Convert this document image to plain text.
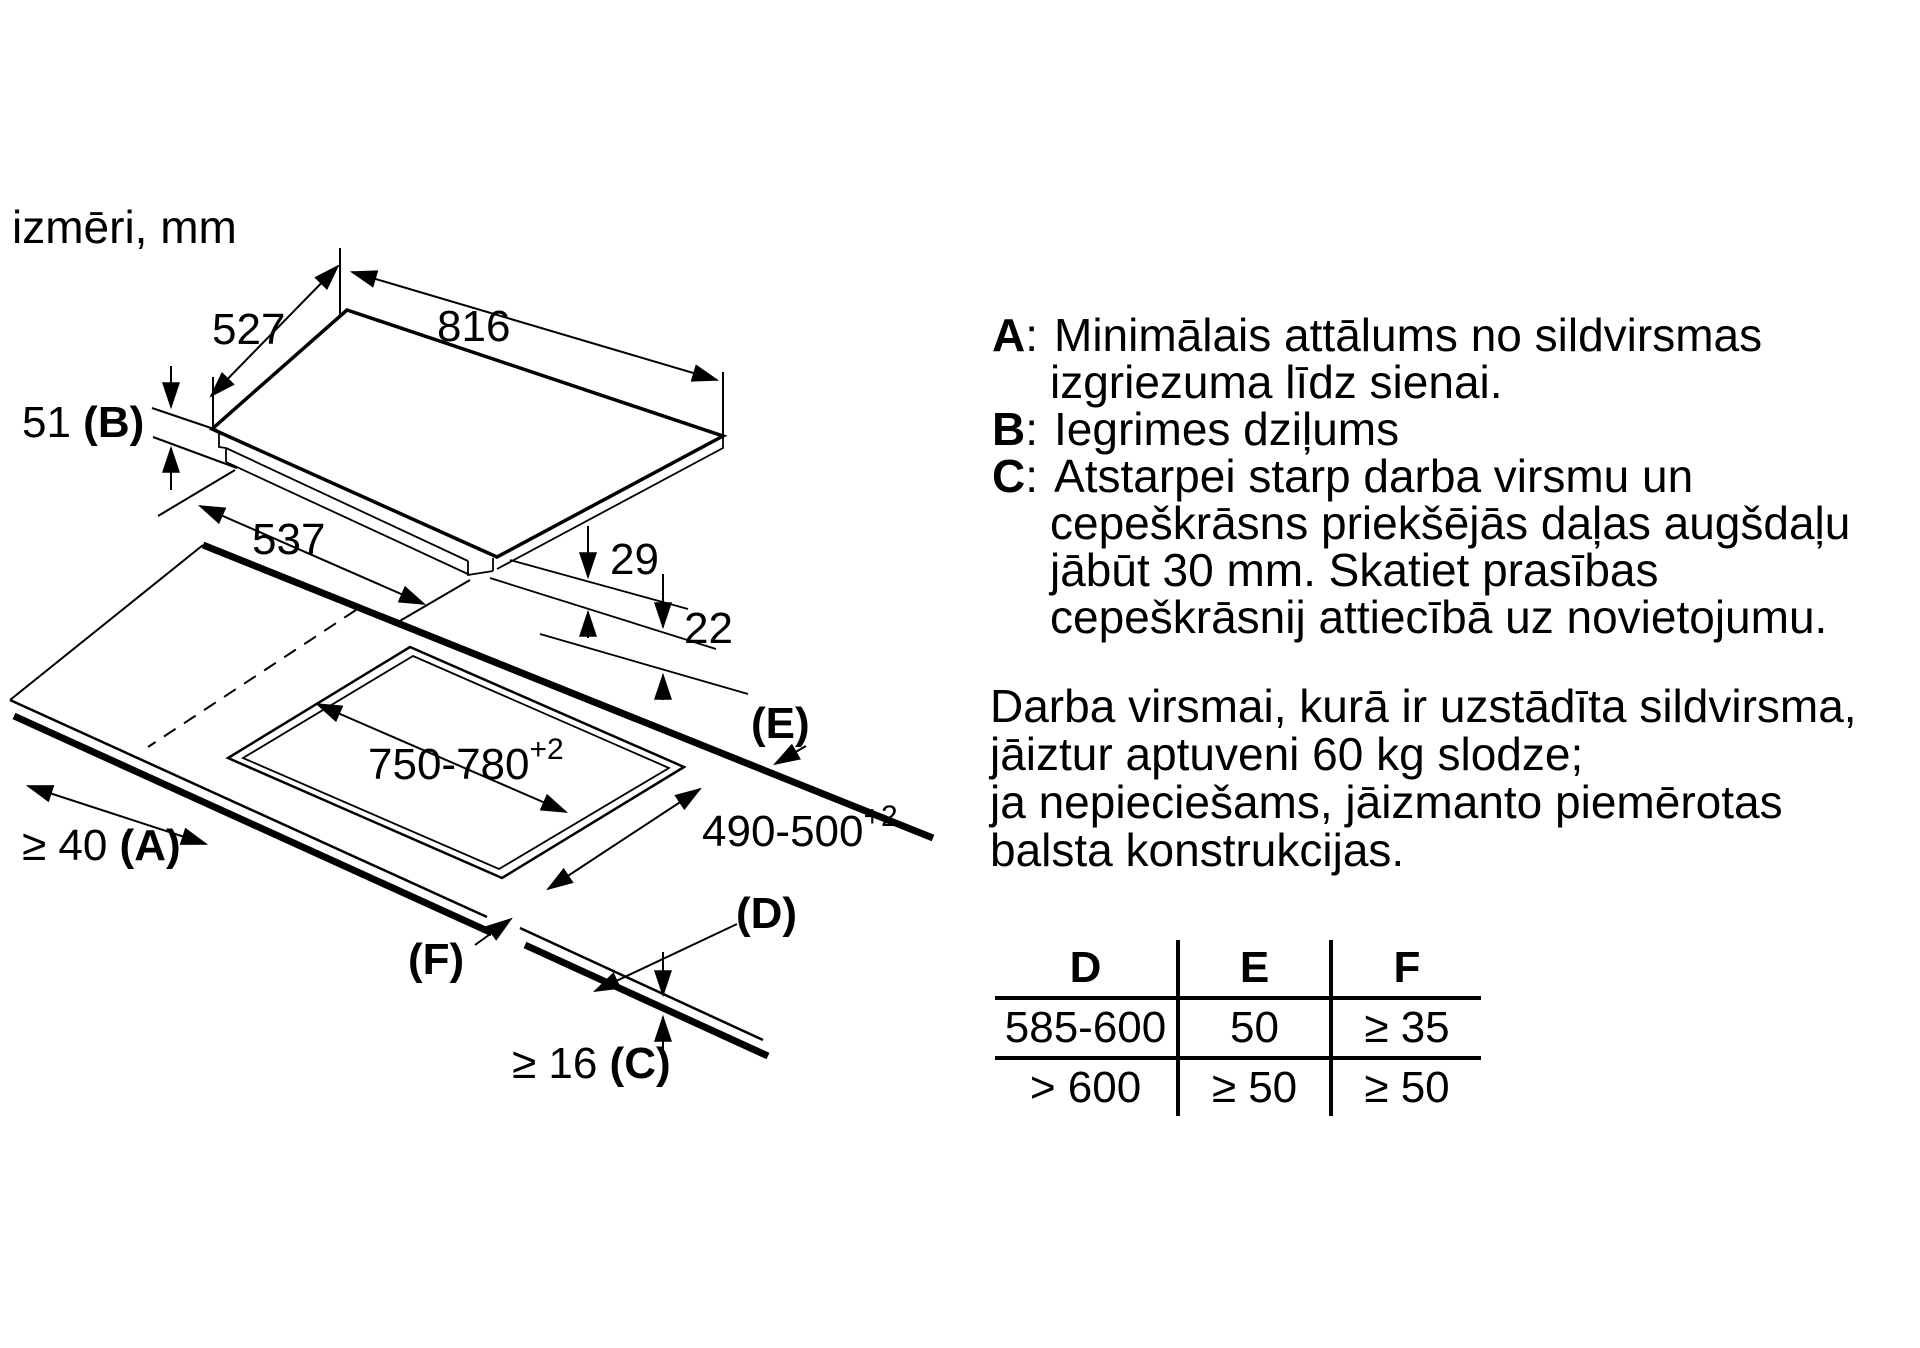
izmēri, mm
527	816
51 (B)
537	29
22
$750-780^{+2}$
$490-500^{+2}$
(E)
(D)
(F)
≥ 40 (A)
≥ 16 (C)
A: Minimālais attālums no sildvirsmas
izgriezuma līdz sienai.
B: Iegrimes dziļums
C: Atstarpei starp darba virsmu un
cepeškrāsns priekšējās daļas augšdaļu
jābūt 30 mm. Skatiet prasības
cepeškrāsnij attiecībā uz novietojumu.
Darba virsmai, kurā ir uzstādīta sildvirsma,
jāiztur aptuveni 60 kg slodze;
ja nepieciešams, jāizmanto piemērotas
balsta konstrukcijas.
D	E	F
585-600	50	≥ 35
> 600	≥ 50	≥ 50
